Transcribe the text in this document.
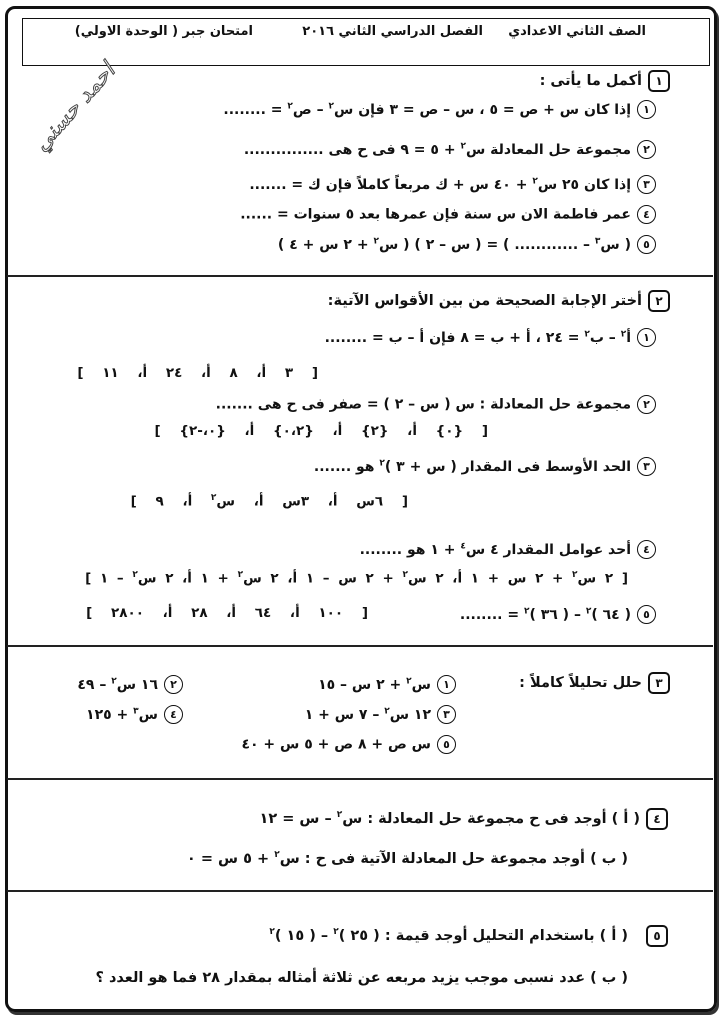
الصف الثاني الاعدادي
الفصل الدراسي الثاني ٢٠١٦
امتحان جبر ( الوحدة الاولي)
احمد حسني	١أكمل ما يأتى :
١إذا كان س + ص = ٥ ، س – ص = ٣ فإن س$^٢$ – ص$^٢$ = ........
٢مجموعة حل المعادلة س$^٢$ + ٥ = ٩ فى ح هى ...............
٣إذا كان ٢٥ س$^٢$ + ٤٠ س + ك مربعاً كاملاً فإن ك = .......
٤عمر فاطمة الان س سنة فإن عمرها بعد ٥ سنوات = ......
٥( س$^٣$ – ............ ) = ( س – ٢ ) ( س$^٢$ + ٢ س + ٤ )
٢أختر الإجابة الصحيحة من بين الأقواس الآتية:
١أ$^٢$ – ب$^٢$ = ٢٤ ، أ + ب = ٨ فإن أ – ب = ........
[ ٣ أ، ٨ أ، ٢٤ أ، ١١ ]
٢مجموعة حل المعادلة : س ( س – ٢ ) = صفر فى ح هى .......
[ {٠} أ، {٢} أ، {٠،٢} أ، {٠،-٢} ]
٣الحد الأوسط فى المقدار ( س + ٣ )$^٢$ هو .......
[ ٦س أ، ٣س أ، س$^٢$ أ، ٩ ]
٤أحد عوامل المقدار ٤ س$^٤$ + ١ هو ........
[ ٢ س$^٢$ + ٢ س + ١ أ، ٢ س$^٢$ + ٢ س – ١ أ، ٢ س$^٢$ + ١ أ، ٢ س$^٢$ – ١ ]
٥( ٦٤ )$^٢$ – ( ٣٦ )$^٢$ = ........
[ ١٠٠ أ، ٦٤ أ، ٢٨ أ، ٢٨٠٠ ]
٣حلل تحليلاً كاملاً :
١س$^٢$ + ٢ س – ١٥
٢١٦ س$^٢$ – ٤٩
٣١٢ س$^٢$ – ٧ س + ١
٤س$^٣$ + ١٢٥
٥س ص + ٨ ص + ٥ س + ٤٠
٤( أ ) أوجد فى ح مجموعة حل المعادلة : س$^٢$ – س = ١٢
( ب ) أوجد مجموعة حل المعادلة الآتية فى ح : س$^٢$ + ٥ س = ٠
٥( أ ) باستخدام التحليل أوجد قيمة : ( ٢٥ )$^٢$ – ( ١٥ )$^٢$
( ب ) عدد نسبى موجب يزيد مربعه عن ثلاثة أمثاله بمقدار ٢٨ فما هو العدد ؟
